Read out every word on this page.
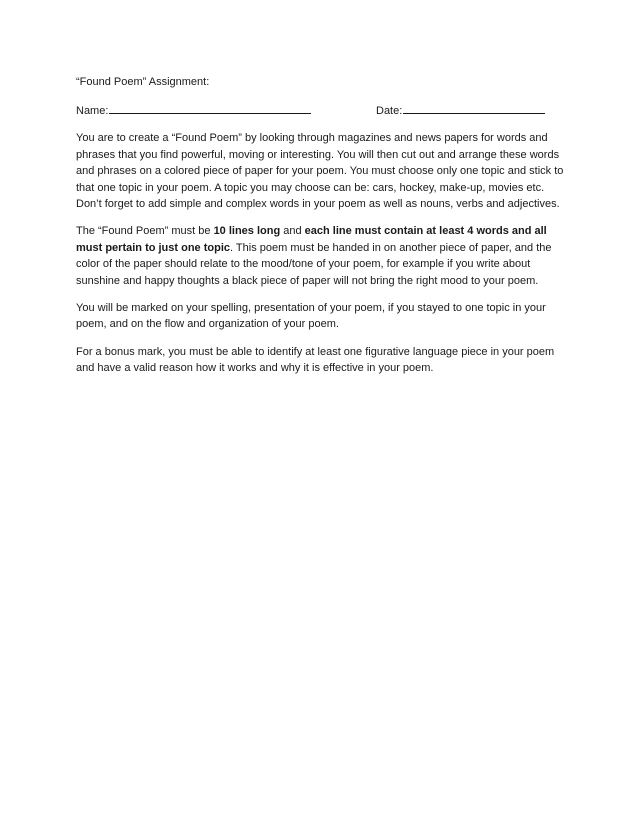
“Found Poem” Assignment:
Name:	Date:

You are to create a “Found Poem” by looking through magazines and news papers for words and phrases that you find powerful, moving or interesting. You will then cut out and arrange these words and phrases on a colored piece of paper for your poem. You must choose only one topic and stick to that one topic in your poem. A topic you may choose can be: cars, hockey, make-up, movies etc. Don’t forget to add simple and complex words in your poem as well as nouns, verbs and adjectives.

The “Found Poem” must be 10 lines long and each line must contain at least 4 words and all must pertain to just one topic. This poem must be handed in on another piece of paper, and the color of the paper should relate to the mood/tone of your poem, for example if you write about sunshine and happy thoughts a black piece of paper will not bring the right mood to your poem.

You will be marked on your spelling, presentation of your poem, if you stayed to one topic in your poem, and on the flow and organization of your poem.

For a bonus mark, you must be able to identify at least one figurative language piece in your poem and have a valid reason how it works and why it is effective in your poem.
